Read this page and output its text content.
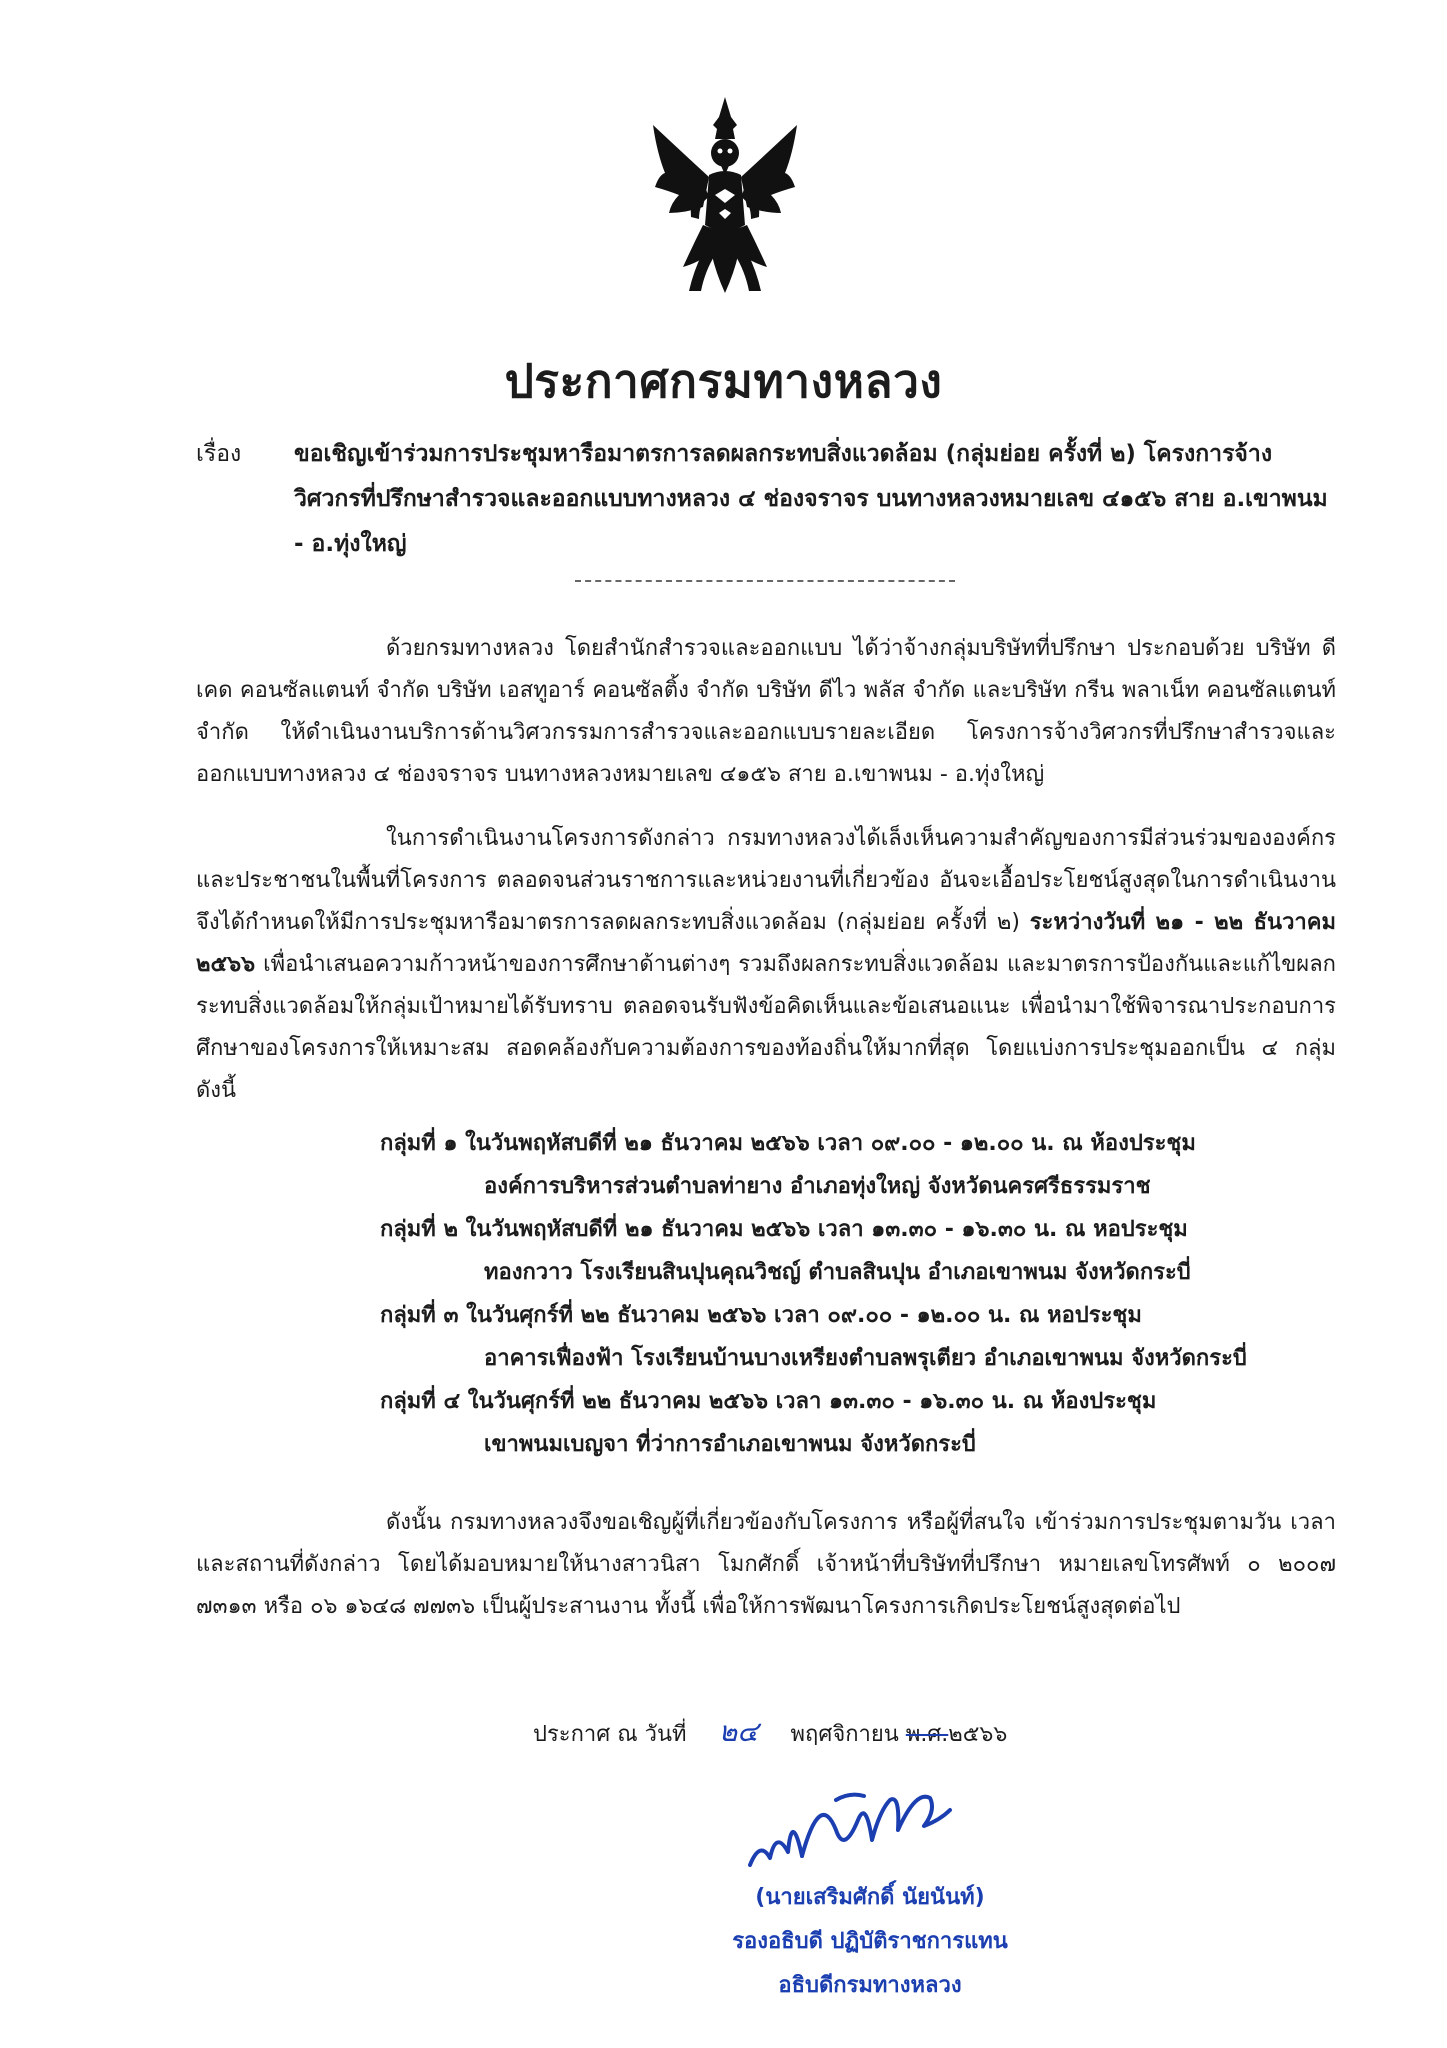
ประกาศกรมทางหลวง
เรื่อง ขอเชิญเข้าร่วมการประชุมหารือมาตรการลดผลกระทบสิ่งแวดล้อม (กลุ่มย่อย ครั้งที่ ๒) โครงการจ้างวิศวกรที่ปรึกษาสำรวจและออกแบบทางหลวง ๔ ช่องจราจร บนทางหลวงหมายเลข ๔๑๕๖ สาย อ.เขาพนม - อ.ทุ่งใหญ่
ด้วยกรมทางหลวง โดยสำนักสำรวจและออกแบบ ได้ว่าจ้างกลุ่มบริษัทที่ปรึกษา ประกอบด้วย บริษัท ดีเคด คอนซัลแตนท์ จำกัด บริษัท เอสทูอาร์ คอนซัลติ้ง จำกัด บริษัท ดีไว พลัส จำกัด และบริษัท กรีน พลาเน็ท คอนซัลแตนท์ จำกัด ให้ดำเนินงานบริการด้านวิศวกรรมการสำรวจและออกแบบรายละเอียด โครงการจ้างวิศวกรที่ปรึกษาสำรวจและออกแบบทางหลวง ๔ ช่องจราจร บนทางหลวงหมายเลข ๔๑๕๖ สาย อ.เขาพนม - อ.ทุ่งใหญ่
ในการดำเนินงานโครงการดังกล่าว กรมทางหลวงได้เล็งเห็นความสำคัญของการมีส่วนร่วมขององค์กรและประชาชนในพื้นที่โครงการ ตลอดจนส่วนราชการและหน่วยงานที่เกี่ยวข้อง อันจะเอื้อประโยชน์สูงสุดในการดำเนินงาน จึงได้กำหนดให้มีการประชุมหารือมาตรการลดผลกระทบสิ่งแวดล้อม (กลุ่มย่อย ครั้งที่ ๒) ระหว่างวันที่ ๒๑ - ๒๒ ธันวาคม ๒๕๖๖ เพื่อนำเสนอความก้าวหน้าของการศึกษาด้านต่างๆ รวมถึงผลกระทบสิ่งแวดล้อม และมาตรการป้องกันและแก้ไขผลกระทบสิ่งแวดล้อมให้กลุ่มเป้าหมายได้รับทราบ ตลอดจนรับฟังข้อคิดเห็นและข้อเสนอแนะ เพื่อนำมาใช้พิจารณาประกอบการศึกษาของโครงการให้เหมาะสม สอดคล้องกับความต้องการของท้องถิ่นให้มากที่สุด โดยแบ่งการประชุมออกเป็น ๔ กลุ่ม ดังนี้
กลุ่มที่ ๑ ในวันพฤหัสบดีที่ ๒๑ ธันวาคม ๒๕๖๖ เวลา ๐๙.๐๐ - ๑๒.๐๐ น. ณ ห้องประชุม
องค์การบริหารส่วนตำบลท่ายาง อำเภอทุ่งใหญ่ จังหวัดนครศรีธรรมราช
กลุ่มที่ ๒ ในวันพฤหัสบดีที่ ๒๑ ธันวาคม ๒๕๖๖ เวลา ๑๓.๓๐ - ๑๖.๓๐ น. ณ หอประชุม
ทองกวาว โรงเรียนสินปุนคุณวิชญ์ ตำบลสินปุน อำเภอเขาพนม จังหวัดกระบี่
กลุ่มที่ ๓ ในวันศุกร์ที่ ๒๒ ธันวาคม ๒๕๖๖ เวลา ๐๙.๐๐ - ๑๒.๐๐ น. ณ หอประชุม
อาคารเฟื่องฟ้า โรงเรียนบ้านบางเหรียงตำบลพรุเตียว อำเภอเขาพนม จังหวัดกระบี่
กลุ่มที่ ๔ ในวันศุกร์ที่ ๒๒ ธันวาคม ๒๕๖๖ เวลา ๑๓.๓๐ - ๑๖.๓๐ น. ณ ห้องประชุม
เขาพนมเบญจา ที่ว่าการอำเภอเขาพนม จังหวัดกระบี่
ดังนั้น กรมทางหลวงจึงขอเชิญผู้ที่เกี่ยวข้องกับโครงการ หรือผู้ที่สนใจ เข้าร่วมการประชุมตามวัน เวลา และสถานที่ดังกล่าว โดยได้มอบหมายให้นางสาวนิสา โมกศักดิ์ เจ้าหน้าที่บริษัทที่ปรึกษา หมายเลขโทรศัพท์ ๐ ๒๐๐๗ ๗๓๑๓ หรือ ๐๖ ๑๖๔๘ ๗๗๓๖ เป็นผู้ประสานงาน ทั้งนี้ เพื่อให้การพัฒนาโครงการเกิดประโยชน์สูงสุดต่อไป
ประกาศ ณ วันที่ ๒๔ พฤศจิกายน พ.ศ.๒๕๖๖
(นายเสริมศักดิ์ นัยนันท์)
รองอธิบดี ปฏิบัติราชการแทน
อธิบดีกรมทางหลวง
